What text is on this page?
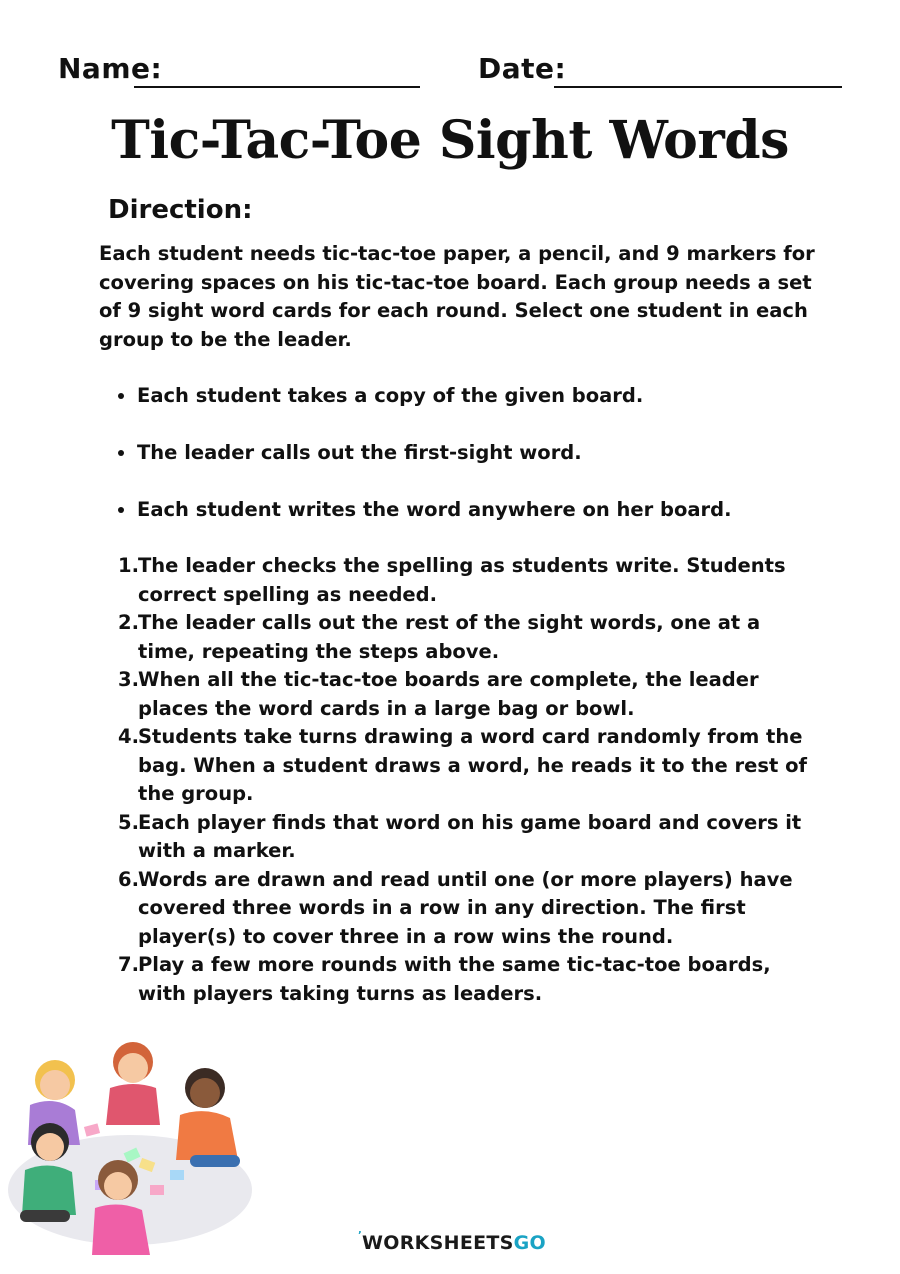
Name:	Date:
Tic-Tac-Toe Sight Words
Direction:
Each student needs tic-tac-toe paper, a pencil, and 9 markers for covering spaces on his tic-tac-toe board. Each group needs a set of 9 sight word cards for each round. Select one student in each group to be the leader.
Each student takes a copy of the given board.
The leader calls out the first-sight word.
Each student writes the word anywhere on her board.
1. The leader checks the spelling as students write. Students correct spelling as needed.
2. The leader calls out the rest of the sight words, one at a time, repeating the steps above.
3. When all the tic-tac-toe boards are complete, the leader places the word cards in a large bag or bowl.
4. Students take turns drawing a word card randomly from the bag. When a student draws a word, he reads it to the rest of the group.
5. Each player finds that word on his game board and covers it with a marker.
6. Words are drawn and read until one (or more players) have covered three words in a row in any direction. The first player(s) to cover three in a row wins the round.
7. Play a few more rounds with the same tic-tac-toe boards, with players taking turns as leaders.
’ WORKSHEETSGO
